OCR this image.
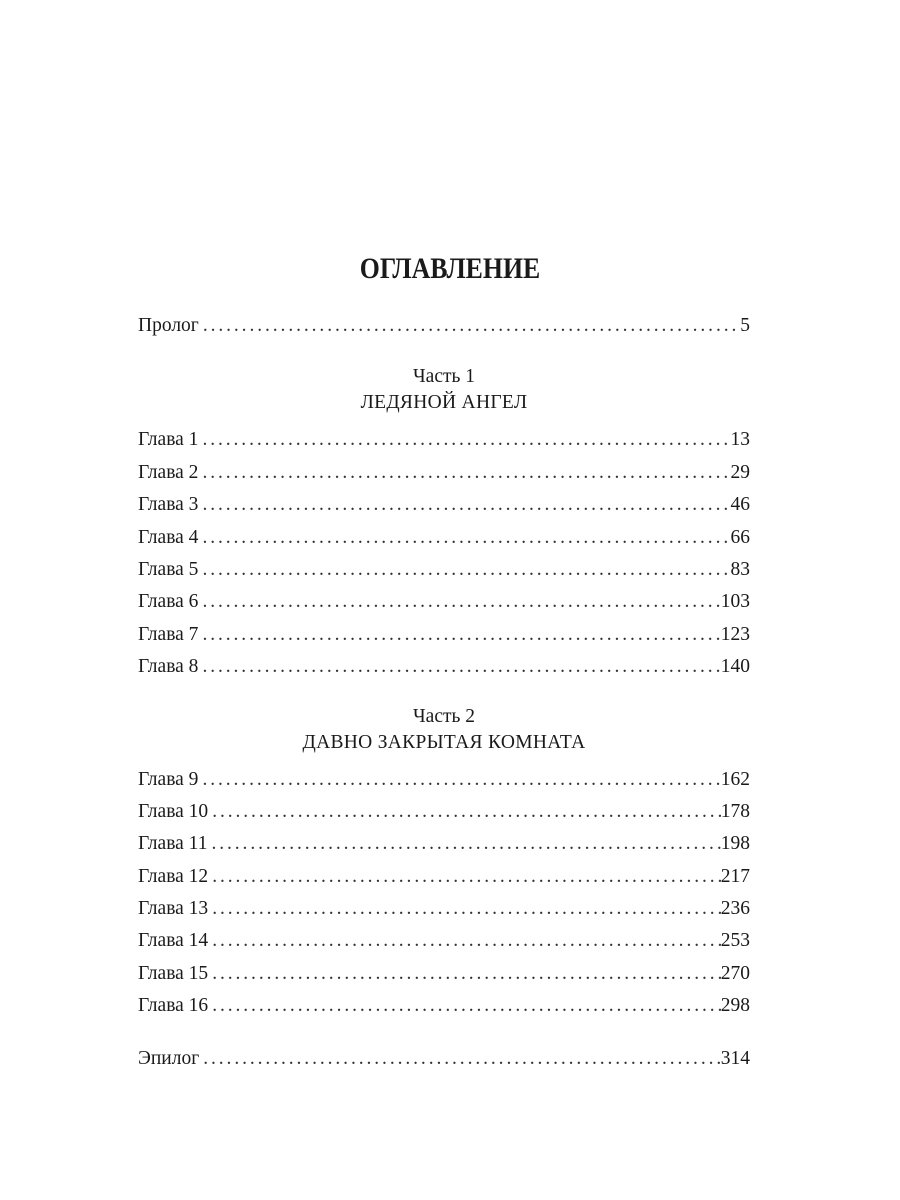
ОГЛАВЛЕНИЕ
Пролог .....	5
Часть 1
ЛЕДЯНОЙ АНГЕЛ
Глава 1 .....	13
Глава 2 .....	29
Глава 3 .....	46
Глава 4 .....	66
Глава 5 .....	83
Глава 6 .....	103
Глава 7 .....	123
Глава 8 .....	140
Часть 2
ДАВНО ЗАКРЫТАЯ КОМНАТА
Глава 9 .....	162
Глава 10 .....	178
Глава 11 .....	198
Глава 12 .....	217
Глава 13 .....	236
Глава 14 .....	253
Глава 15 .....	270
Глава 16 .....	298
Эпилог .....	314
